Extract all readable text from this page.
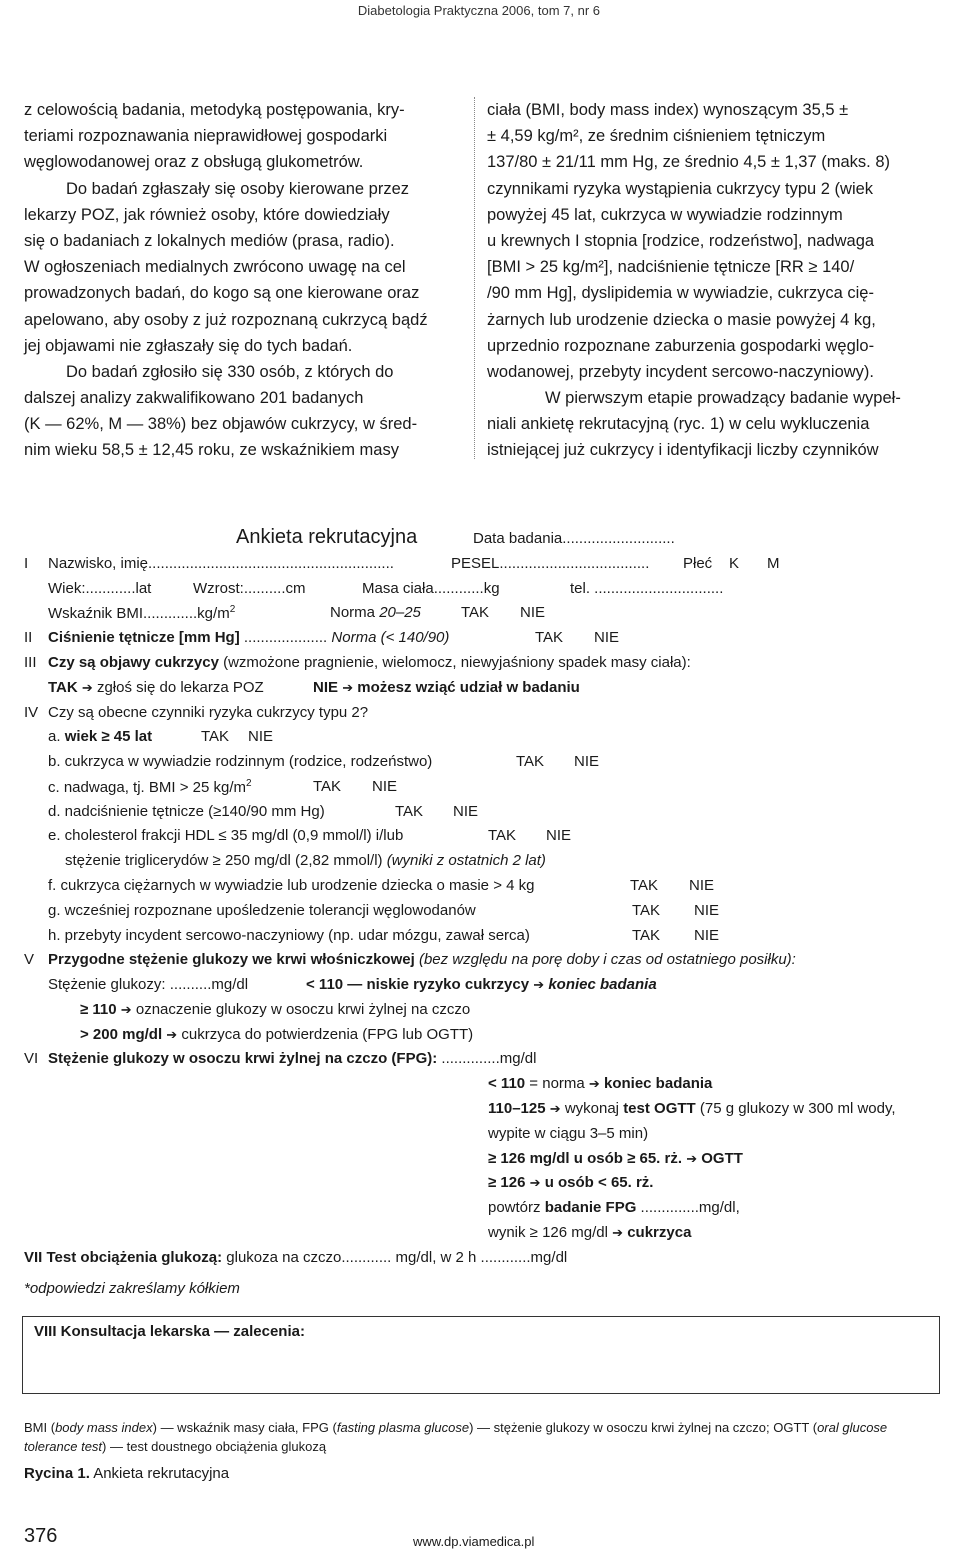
Diabetologia Praktyczna 2006, tom 7, nr 6
z celowością badania, metodyką postępowania, kry-
teriami rozpoznawania nieprawidłowej gospodarki
węglowodanowej oraz z obsługą glukometrów.
Do badań zgłaszały się osoby kierowane przez
lekarzy POZ, jak również osoby, które dowiedziały
się o badaniach z lokalnych mediów (prasa, radio).
W ogłoszeniach medialnych zwrócono uwagę na cel
prowadzonych badań, do kogo są one kierowane oraz
apelowano, aby osoby z już rozpoznaną cukrzycą bądź
jej objawami nie zgłaszały się do tych badań.
Do badań zgłosiło się 330 osób, z których do
dalszej analizy zakwalifikowano 201 badanych
(K — 62%, M — 38%) bez objawów cukrzycy, w śred-
nim wieku 58,5 ± 12,45 roku, ze wskaźnikiem masy
ciała (BMI, body mass index) wynoszącym 35,5 ±
± 4,59 kg/m², ze średnim ciśnieniem tętniczym
137/80 ± 21/11 mm Hg, ze średnio 4,5 ± 1,37 (maks. 8)
czynnikami ryzyka wystąpienia cukrzycy typu 2 (wiek
powyżej 45 lat, cukrzyca w wywiadzie rodzinnym
u krewnych I stopnia [rodzice, rodzeństwo], nadwaga
[BMI > 25 kg/m²], nadciśnienie tętnicze [RR ≥ 140/
/90 mm Hg], dyslipidemia w wywiadzie, cukrzyca cię-
żarnych lub urodzenie dziecka o masie powyżej 4 kg,
uprzednio rozpoznane zaburzenia gospodarki węglo-
wodanowej, przebyty incydent sercowo-naczyniowy).
W pierwszym etapie prowadzący badanie wypeł-
niali ankietę rekrutacyjną (ryc. 1) w celu wykluczenia
istniejącej już cukrzycy i identyfikacji liczby czynników
Ankieta rekrutacyjna	Data badania...........................
I Nazwisko, imię...........................................................	PESEL.................................... Płeć K M
Wiek:............lat	Wzrost:..........cm	Masa ciała............kg	tel. ...............................
Wskaźnik $BMI.............kg/m^2$	Norma 20–25	TAK NIE
II Ciśnienie tętnicze [mm Hg] .................... Norma (< 140/90)	TAK NIE
III Czy są objawy cukrzycy (wzmożone pragnienie, wielomocz, niewyjaśniony spadek masy ciała):
TAK ➔ zgłoś się do lekarza POZ	NIE ➔ możesz wziąć udział w badaniu
IV Czy są obecne czynniki ryzyka cukrzycy typu 2?
a. wiek ≥ 45 lat	TAK NIE
b. cukrzyca w wywiadzie rodzinnym (rodzice, rodzeństwo)	TAK NIE
c. nadwaga, tj. BMI > 25 $kg/m^2$	TAK NIE
d. nadciśnienie tętnicze (≥140/90 mm Hg)	TAK NIE
e. cholesterol frakcji HDL ≤ 35 mg/dl (0,9 mmol/l) i/lub	TAK NIE
stężenie triglicerydów ≥ 250 mg/dl (2,82 mmol/l) (wyniki z ostatnich 2 lat)
f. cukrzyca ciężarnych w wywiadzie lub urodzenie dziecka o masie > 4 kg	TAK NIE
g. wcześniej rozpoznane upośledzenie tolerancji węglowodanów	TAK NIE
h. przebyty incydent sercowo-naczyniowy (np. udar mózgu, zawał serca)	TAK NIE
V Przygodne stężenie glukozy we krwi włośniczkowej (bez względu na porę doby i czas od ostatniego posiłku):
Stężenie glukozy: ..........mg/dl	< 110 — niskie ryzyko cukrzycy ➔ koniec badania
≥ 110 ➔ oznaczenie glukozy w osoczu krwi żylnej na czczo
> 200 mg/dl ➔ cukrzyca do potwierdzenia (FPG lub OGTT)
VI Stężenie glukozy w osoczu krwi żylnej na czczo (FPG): ..............mg/dl
< 110 = norma ➔ koniec badania
110–125 ➔ wykonaj test OGTT (75 g glukozy w 300 ml wody,
wypite w ciągu 3–5 min)
≥ 126 mg/dl u osób ≥ 65. rż. ➔ OGTT
≥ 126 ➔ u osób < 65. rż.
powtórz badanie FPG ..............mg/dl,
wynik ≥ 126 mg/dl ➔ cukrzyca
VII Test obciążenia glukozą: glukoza na czczo............ mg/dl, w 2 h ............mg/dl
*odpowiedzi zakreślamy kółkiem
VIII Konsultacja lekarska — zalecenia:
BMI (body mass index) — wskaźnik masy ciała, FPG (fasting plasma glucose) — stężenie glukozy w osoczu krwi żylnej na czczo; OGTT (oral glucose
tolerance test) — test doustnego obciążenia glukozą
Rycina 1. Ankieta rekrutacyjna
376	www.dp.viamedica.pl
